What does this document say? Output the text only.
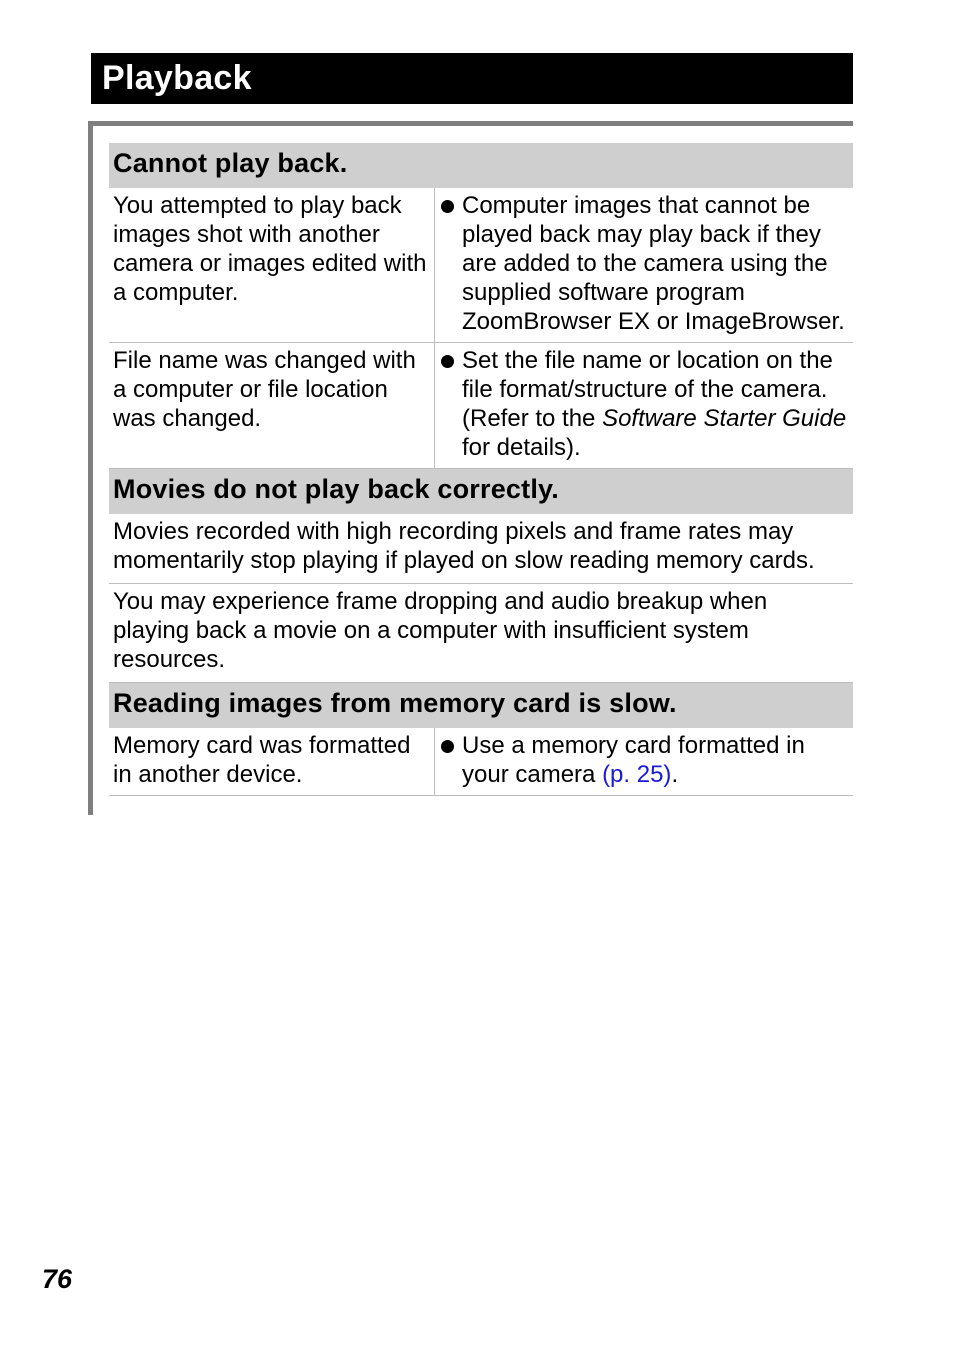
Playback
Cannot play back.
You attempted to play back images shot with another camera or images edited with a computer.
Computer images that cannot be played back may play back if they are added to the camera using the supplied software program ZoomBrowser EX or ImageBrowser.
File name was changed with a computer or file location was changed.
Set the file name or location on the file format/structure of the camera. (Refer to the Software Starter Guide for details).
Movies do not play back correctly.
Movies recorded with high recording pixels and frame rates may momentarily stop playing if played on slow reading memory cards.
You may experience frame dropping and audio breakup when playing back a movie on a computer with insufficient system resources.
Reading images from memory card is slow.
Memory card was formatted in another device.
Use a memory card formatted in your camera (p. 25).
76
